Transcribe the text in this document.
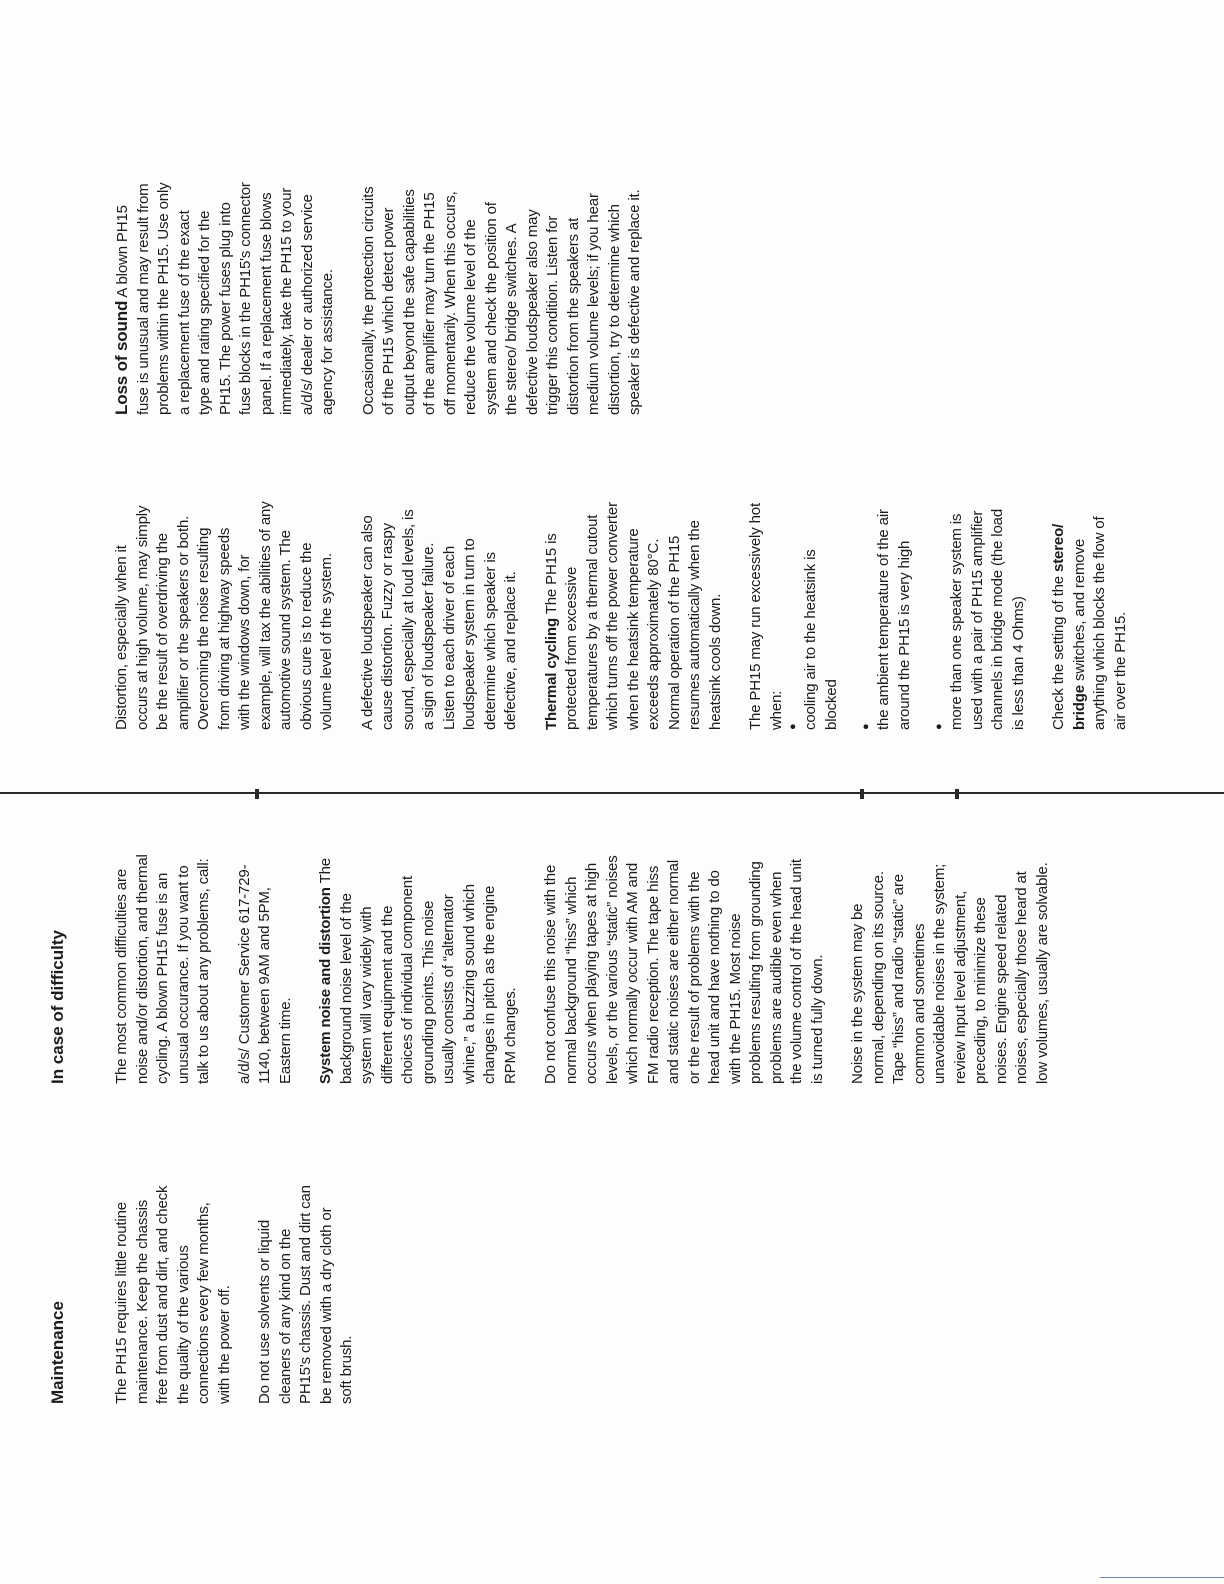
Maintenance	The PH15 requires little routine maintenance. Keep the chassis free from dust and dirt, and check the quality of the various connections every few months, with the power off. Do not use solvents or liquid cleaners of any kind on the PH15's chassis. Dust and dirt can be removed with a dry cloth or soft brush.

In case of difficulty	The most common difficulties are noise and/or distortion, and thermal cycling. A blown PH15 fuse is an unusual occurance. If you want to talk to us about any problems, call: a/d/s/ Customer Service 617-729-1140, between 9AM and 5PM, Eastern time. System noise and distortion The background noise level of the system will vary widely with different equipment and the choices of individual component grounding points. This noise usually consists of “alternator whine,” a buzzing sound which changes in pitch as the engine RPM changes. Do not confuse this noise with the normal background “hiss” which occurs when playing tapes at high levels, or the various “static” noises which normally occur with AM and FM radio reception. The tape hiss and static noises are either normal or the result of problems with the head unit and have nothing to do with the PH15. Most noise problems resulting from grounding problems are audible even when the volume control of the head unit is turned fully down. Noise in the system may be normal, depending on its source. Tape “hiss” and radio “static” are common and sometimes unavoidable noises in the system; review Input level adjustment, preceding, to minimize these noises. Engine speed related noises, especially those heard at low volumes, usually are solvable.

Distortion, especially when it occurs at high volume, may simply be the result of overdriving the amplifier or the speakers or both. Overcoming the noise resulting from driving at highway speeds with the windows down, for example, will tax the abilities of any automotive sound system. The obvious cure is to reduce the volume level of the system. A defective loudspeaker can also cause distortion. Fuzzy or raspy sound, especially at loud levels, is a sign of loudspeaker failure. Listen to each driver of each loudspeaker system in turn to determine which speaker is defective, and replace it. Thermal cycling The PH15 is protected from excessive temperatures by a thermal cutout which turns off the power converter when the heatsink temperature exceeds approximately 80°C. Normal operation of the PH15 resumes automatically when the heatsink cools down. The PH15 may run excessively hot when: ● cooling air to the heatsink is blocked ● the ambient temperature of the air around the PH15 is very high ● more than one speaker system is used with a pair of PH15 amplifier channels in bridge mode (the load is less than 4 Ohms) Check the setting of the stereo/ bridge switches, and remove anything which blocks the flow of air over the PH15.

Loss of sound A blown PH15 fuse is unusual and may result from problems within the PH15. Use only a replacement fuse of the exact type and rating specified for the PH15. The power fuses plug into fuse blocks in the PH15's connector panel. If a replacement fuse blows immediately, take the PH15 to your a/d/s/ dealer or authorized service agency for assistance. Occasionally, the protection circuits of the PH15 which detect power output beyond the safe capabilities of the amplifier may turn the PH15 off momentarily. When this occurs, reduce the volume level of the system and check the position of the stereo/ bridge switches. A defective loudspeaker also may trigger this condition. Listen for distortion from the speakers at medium volume levels; if you hear distortion, try to determine which speaker is defective and replace it.
